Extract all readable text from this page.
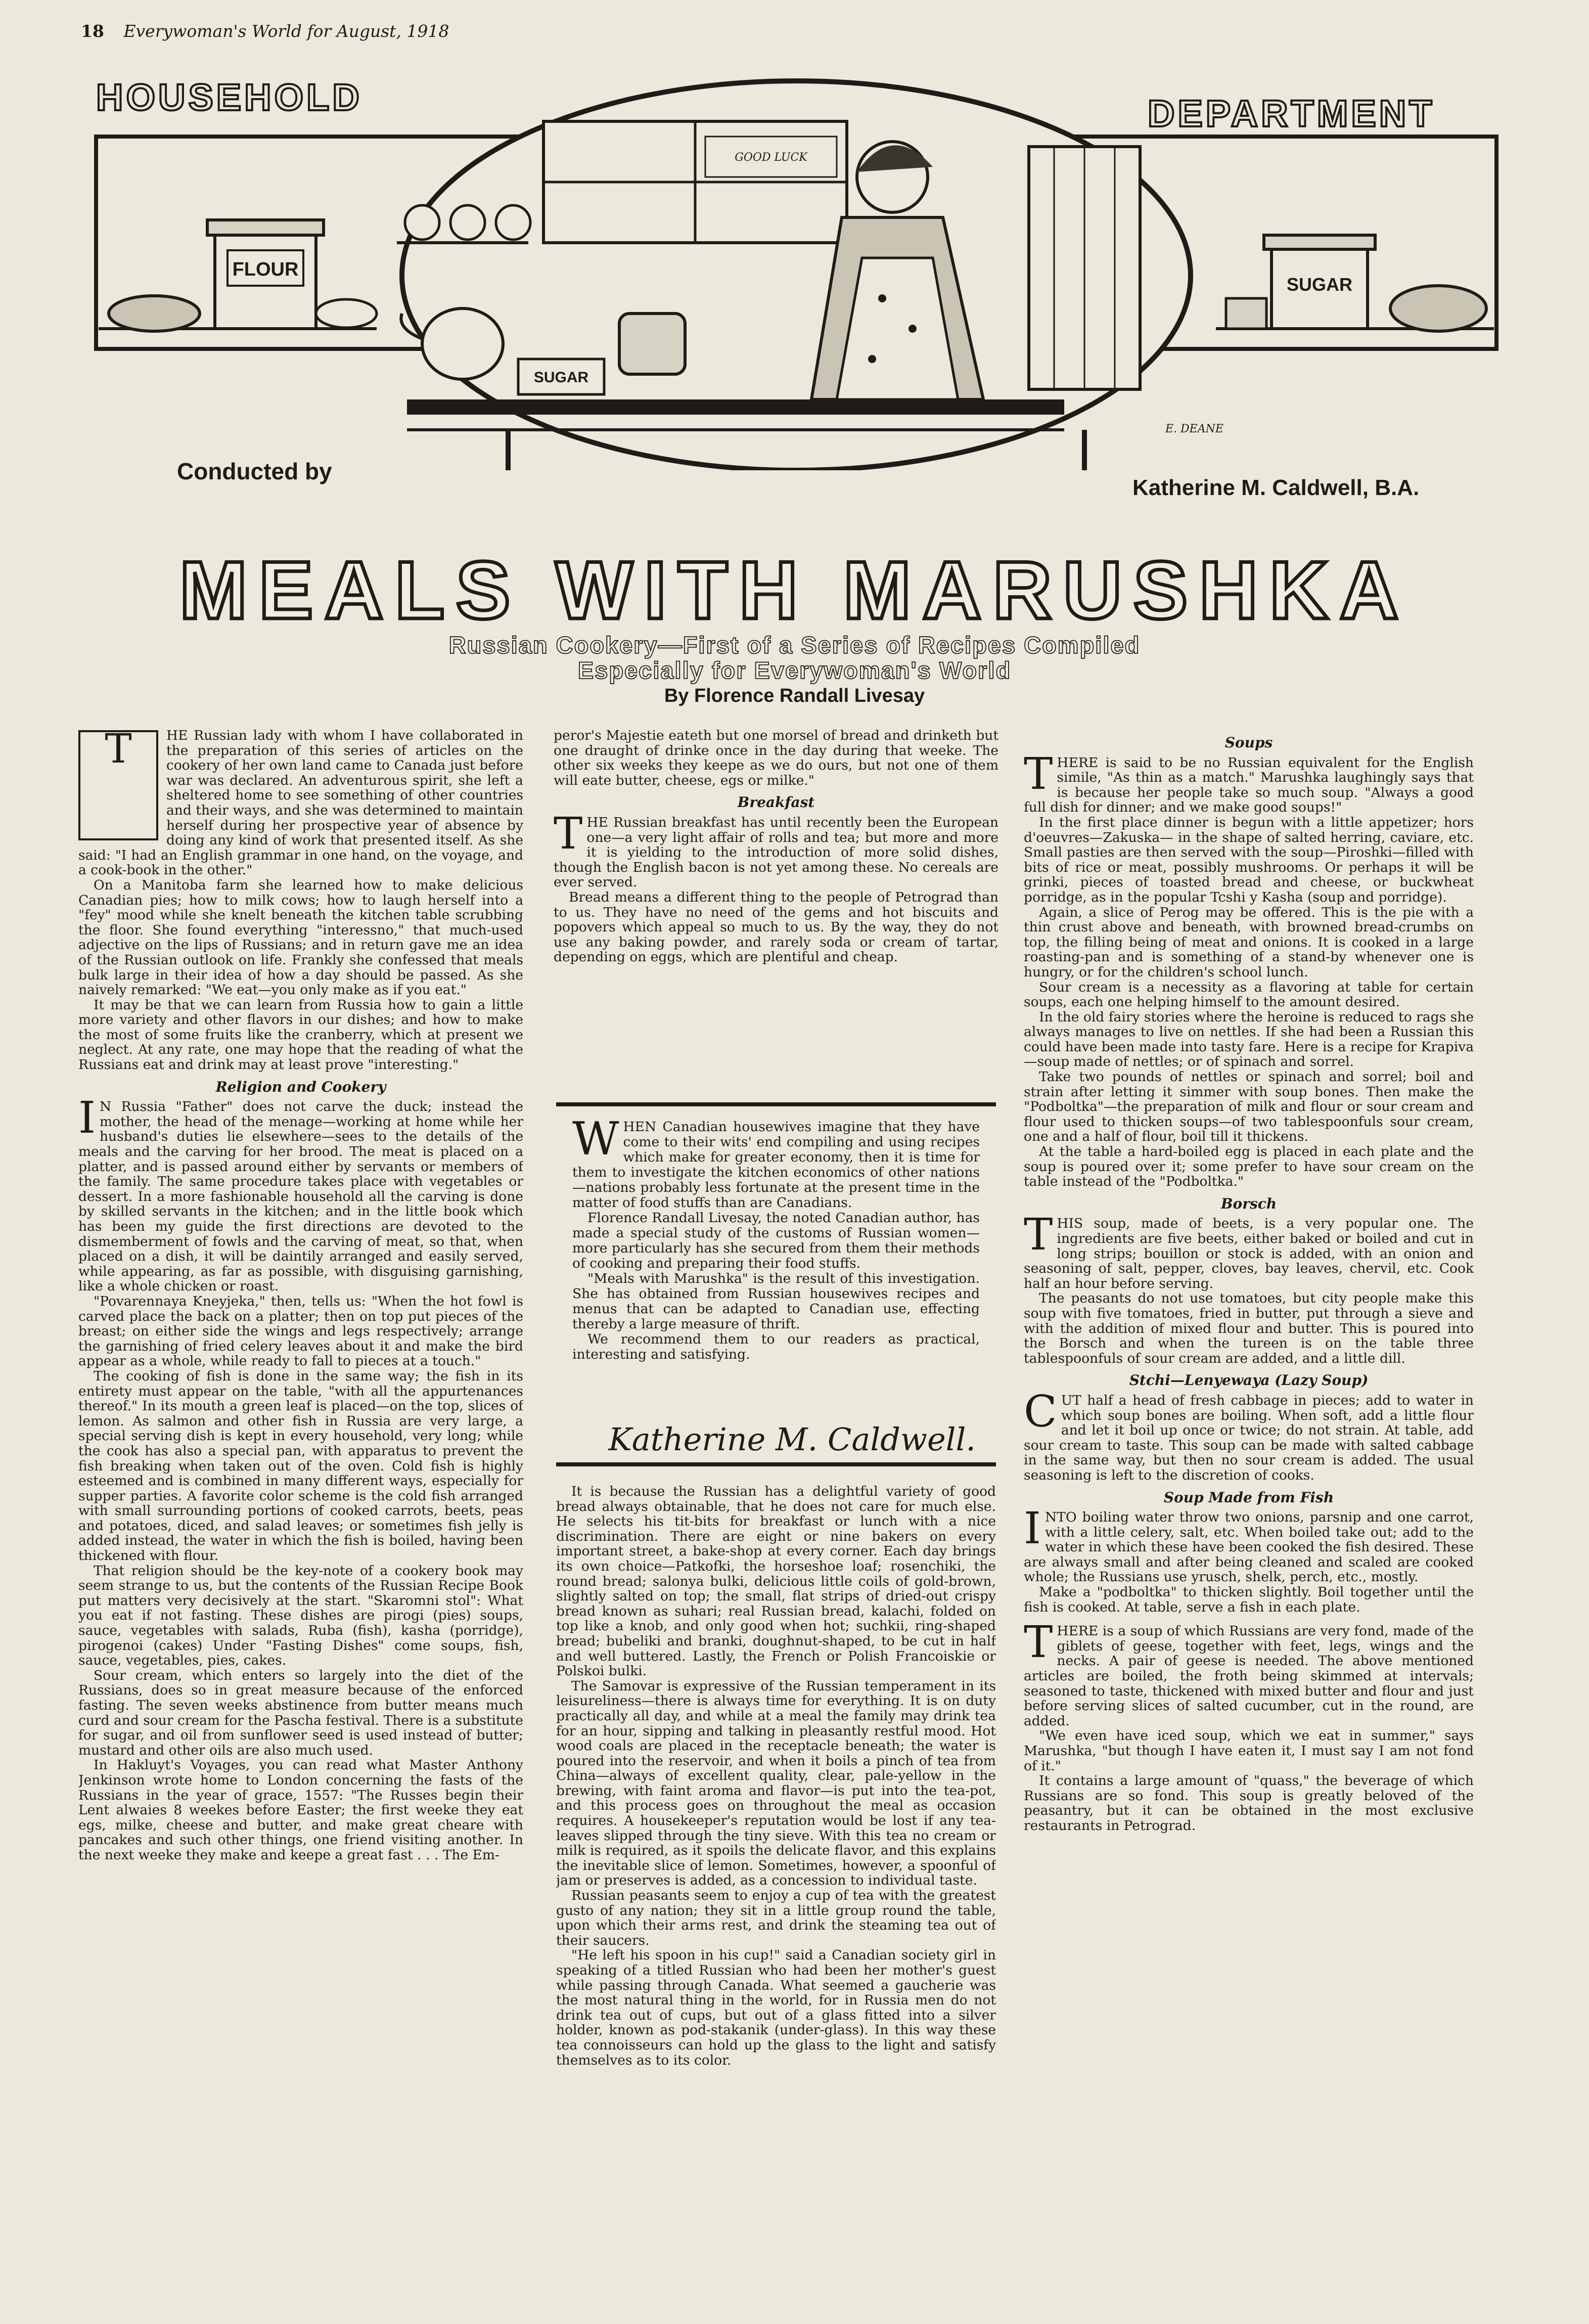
18 Everywoman's World for August, 1918
FLOUR
GOOD LUCK
SUGAR
SUGAR
E. DEANE
HOUSEHOLD	DEPARTMENT
Conducted by
Katherine M. Caldwell, B.A.
MEALS WITH MARUSHKA
Russian Cookery—First of a Series of Recipes Compiled
Especially for Everywoman's World
By Florence Randall Livesay
T	HE Russian lady with whom I have collaborated in the preparation of this series of articles on the cookery of her own land came to Canada just before war was declared. An adventurous spirit, she left a sheltered home to see something of other countries and their ways, and she was determined to maintain herself during her prospective year of absence by doing any kind of work that presented itself. As she said: "I had an English grammar in one hand, on the voyage, and a cook-book in the other."

On a Manitoba farm she learned how to make delicious Canadian pies; how to milk cows; how to laugh herself into a "fey" mood while she knelt beneath the kitchen table scrubbing the floor. She found everything "interessno," that much-used adjective on the lips of Russians; and in return gave me an idea of the Russian outlook on life. Frankly she confessed that meals bulk large in their idea of how a day should be passed. As she naively remarked: "We eat—you only make as if you eat."

It may be that we can learn from Russia how to gain a little more variety and other flavors in our dishes; and how to make the most of some fruits like the cranberry, which at present we neglect. At any rate, one may hope that the reading of what the Russians eat and drink may at least prove "interesting."

Religion and Cookery

I N Russia "Father" does not carve the duck; instead the mother, the head of the menage—working at home while her husband's duties lie elsewhere—sees to the details of the meals and the carving for her brood. The meat is placed on a platter, and is passed around either by servants or members of the family. The same procedure takes place with vegetables or dessert. In a more fashionable household all the carving is done by skilled servants in the kitchen; and in the little book which has been my guide the first directions are devoted to the dismemberment of fowls and the carving of meat, so that, when placed on a dish, it will be daintily arranged and easily served, while appearing, as far as possible, with disguising garnishing, like a whole chicken or roast.

"Povarennaya Kneyjeka," then, tells us: "When the hot fowl is carved place the back on a platter; then on top put pieces of the breast; on either side the wings and legs respectively; arrange the garnishing of fried celery leaves about it and make the bird appear as a whole, while ready to fall to pieces at a touch."

The cooking of fish is done in the same way; the fish in its entirety must appear on the table, "with all the appurtenances thereof." In its mouth a green leaf is placed—on the top, slices of lemon. As salmon and other fish in Russia are very large, a special serving dish is kept in every household, very long; while the cook has also a special pan, with apparatus to prevent the fish breaking when taken out of the oven. Cold fish is highly esteemed and is combined in many different ways, especially for supper parties. A favorite color scheme is the cold fish arranged with small surrounding portions of cooked carrots, beets, peas and potatoes, diced, and salad leaves; or sometimes fish jelly is added instead, the water in which the fish is boiled, having been thickened with flour.

That religion should be the key-note of a cookery book may seem strange to us, but the contents of the Russian Recipe Book put matters very decisively at the start. "Skaromni stol": What you eat if not fasting. These dishes are pirogi (pies) soups, sauce, vegetables with salads, Ruba (fish), kasha (porridge), pirogenoi (cakes) Under "Fasting Dishes" come soups, fish, sauce, vegetables, pies, cakes.

Sour cream, which enters so largely into the diet of the Russians, does so in great measure because of the enforced fasting. The seven weeks abstinence from butter means much curd and sour cream for the Pascha festival. There is a substitute for sugar, and oil from sunflower seed is used instead of butter; mustard and other oils are also much used.

In Hakluyt's Voyages, you can read what Master Anthony Jenkinson wrote home to London concerning the fasts of the Russians in the year of grace, 1557: "The Russes begin their Lent alwaies 8 weekes before Easter; the first weeke they eat egs, milke, cheese and butter, and make great cheare with pancakes and such other things, one friend visiting another. In the next weeke they make and keepe a great fast . . . The Em-

peror's Majestie eateth but one morsel of bread and drinketh but one draught of drinke once in the day during that weeke. The other six weeks they keepe as we do ours, but not one of them will eate butter, cheese, egs or milke."

Breakfast

THE Russian breakfast has until recently been the European one—a very light affair of rolls and tea; but more and more it is yielding to the introduction of more solid dishes, though the English bacon is not yet among these. No cereals are ever served.

Bread means a different thing to the people of Petrograd than to us. They have no need of the gems and hot biscuits and popovers which appeal so much to us. By the way, they do not use any baking powder, and rarely soda or cream of tartar, depending on eggs, which are plentiful and cheap.

WHEN Canadian housewives imagine that they have come to their wits' end compiling and using recipes which make for greater economy, then it is time for them to investigate the kitchen economics of other nations—nations probably less fortunate at the present time in the matter of food stuffs than are Canadians.

Florence Randall Livesay, the noted Canadian author, has made a special study of the customs of Russian women—more particularly has she secured from them their methods of cooking and preparing their food stuffs.

"Meals with Marushka" is the result of this investigation. She has obtained from Russian housewives recipes and menus that can be adapted to Canadian use, effecting thereby a large measure of thrift.

We recommend them to our readers as practical, interesting and satisfying.

Katherine M. Caldwell.

It is because the Russian has a delightful variety of good bread always obtainable, that he does not care for much else. He selects his tit-bits for breakfast or lunch with a nice discrimination. There are eight or nine bakers on every important street, a bake-shop at every corner. Each day brings its own choice—Patkofki, the horseshoe loaf; rosenchiki, the round bread; salonya bulki, delicious little coils of gold-brown, slightly salted on top; the small, flat strips of dried-out crispy bread known as suhari; real Russian bread, kalachi, folded on top like a knob, and only good when hot; suchkii, ring-shaped bread; bubeliki and branki, doughnut-shaped, to be cut in half and well buttered. Lastly, the French or Polish Francoiskie or Polskoi bulki.

The Samovar is expressive of the Russian temperament in its leisureliness—there is always time for everything. It is on duty practically all day, and while at a meal the family may drink tea for an hour, sipping and talking in pleasantly restful mood. Hot wood coals are placed in the receptacle beneath; the water is poured into the reservoir, and when it boils a pinch of tea from China—always of excellent quality, clear, pale-yellow in the brewing, with faint aroma and flavor—is put into the tea-pot, and this process goes on throughout the meal as occasion requires. A housekeeper's reputation would be lost if any tea-leaves slipped through the tiny sieve. With this tea no cream or milk is required, as it spoils the delicate flavor, and this explains the inevitable slice of lemon. Sometimes, however, a spoonful of jam or preserves is added, as a concession to individual taste.

Russian peasants seem to enjoy a cup of tea with the greatest gusto of any nation; they sit in a little group round the table, upon which their arms rest, and drink the steaming tea out of their saucers.

"He left his spoon in his cup!" said a Canadian society girl in speaking of a titled Russian who had been her mother's guest while passing through Canada. What seemed a gaucherie was the most natural thing in the world, for in Russia men do not drink tea out of cups, but out of a glass fitted into a silver holder, known as pod-stakanik (under-glass). In this way these tea connoisseurs can hold up the glass to the light and satisfy themselves as to its color.

Soups

THERE is said to be no Russian equivalent for the English simile, "As thin as a match." Marushka laughingly says that is because her people take so much soup. "Always a good full dish for dinner; and we make good soups!"

In the first place dinner is begun with a little appetizer; hors d'oeuvres—Zakuska— in the shape of salted herring, caviare, etc. Small pasties are then served with the soup—Piroshki—filled with bits of rice or meat, possibly mushrooms. Or perhaps it will be grinki, pieces of toasted bread and cheese, or buckwheat porridge, as in the popular Tcshi y Kasha (soup and porridge).

Again, a slice of Perog may be offered. This is the pie with a thin crust above and beneath, with browned bread-crumbs on top, the filling being of meat and onions. It is cooked in a large roasting-pan and is something of a stand-by whenever one is hungry, or for the children's school lunch.

Sour cream is a necessity as a flavoring at table for certain soups, each one helping himself to the amount desired.

In the old fairy stories where the heroine is reduced to rags she always manages to live on nettles. If she had been a Russian this could have been made into tasty fare. Here is a recipe for Krapiva—soup made of nettles; or of spinach and sorrel.

Take two pounds of nettles or spinach and sorrel; boil and strain after letting it simmer with soup bones. Then make the "Podboltka"—the preparation of milk and flour or sour cream and flour used to thicken soups—of two tablespoonfuls sour cream, one and a half of flour, boil till it thickens.

At the table a hard-boiled egg is placed in each plate and the soup is poured over it; some prefer to have sour cream on the table instead of the "Podboltka."

Borsch

THIS soup, made of beets, is a very popular one. The ingredients are five beets, either baked or boiled and cut in long strips; bouillon or stock is added, with an onion and seasoning of salt, pepper, cloves, bay leaves, chervil, etc. Cook half an hour before serving.

The peasants do not use tomatoes, but city people make this soup with five tomatoes, fried in butter, put through a sieve and with the addition of mixed flour and butter. This is poured into the Borsch and when the tureen is on the table three tablespoonfuls of sour cream are added, and a little dill.

Stchi—Lenyewaya (Lazy Soup)

CUT half a head of fresh cabbage in pieces; add to water in which soup bones are boiling. When soft, add a little flour and let it boil up once or twice; do not strain. At table, add sour cream to taste. This soup can be made with salted cabbage in the same way, but then no sour cream is added. The usual seasoning is left to the discretion of cooks.

Soup Made from Fish

INTO boiling water throw two onions, parsnip and one carrot, with a little celery, salt, etc. When boiled take out; add to the water in which these have been cooked the fish desired. These are always small and after being cleaned and scaled are cooked whole; the Russians use yrusch, shelk, perch, etc., mostly.

Make a "podboltka" to thicken slightly. Boil together until the fish is cooked. At table, serve a fish in each plate.

THERE is a soup of which Russians are very fond, made of the giblets of geese, together with feet, legs, wings and the necks. A pair of geese is needed. The above mentioned articles are boiled, the froth being skimmed at intervals; seasoned to taste, thickened with mixed butter and flour and just before serving slices of salted cucumber, cut in the round, are added.

"We even have iced soup, which we eat in summer," says Marushka, "but though I have eaten it, I must say I am not fond of it."

It contains a large amount of "quass," the beverage of which Russians are so fond. This soup is greatly beloved of the peasantry, but it can be obtained in the most exclusive restaurants in Petrograd.
